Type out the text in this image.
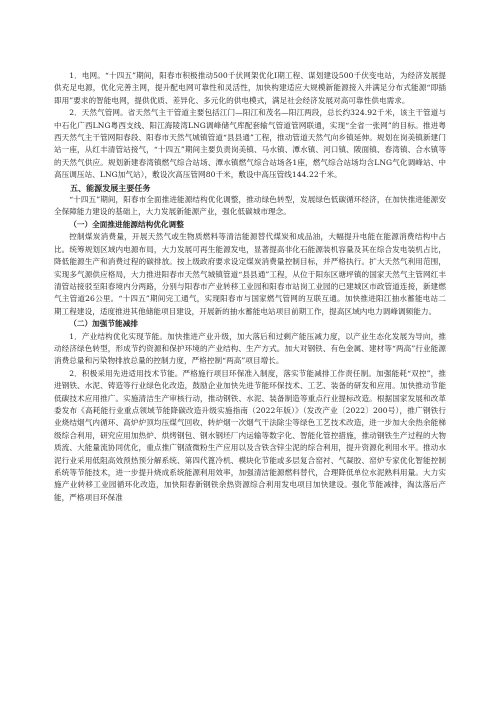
1．电网。“十四五”期间，阳春市积极推动500千伏网架优化Ⅰ期工程、谋划建设500千伏变电站，为经济发展提供充足电源，优化完善主网，提升配电网可靠性和灵活性，加快构建适应大规模新能源接入并满足分布式能源“即插即用”要求的智能电网，提供优质、差异化、多元化的供电模式，满足社会经济发展对高可靠性供电需求。

2．天然气管网。省天然气主干管道主要包括江门—阳江和茂名—阳江两段，总长约324.92千米，该主干管道与中石化广西LNG粤西支线、阳江海陵湾LNG调峰储气库配套输气管道管网联通，实现“全省一张网”的目标。推进粤西天然气主干管网阳春段、阳春市天然气城镇管道“县县通”工程，推动管道天然气向乡镇延伸。规划在岗美镇新建门站一座，从红丰清管站接气，“十四五”期间主要负责岗美镇、马水镇、潭水镇、河口镇、陂面镇、春湾镇、合水镇等的天然气供应。规划新建春湾镇燃气综合站场、潭水镇燃气综合站场各1座，燃气综合站场均含LNG气化调峰站、中高压调压站、LNG加气站），敷设次高压管网80千米，敷设中高压管线144.22千米。

五、能源发展主要任务

“十四五”期间，阳春市全面推进能源结构优化调整，推动绿色转型，发展绿色低碳循环经济，在加快推进能源安全保障能力建设的基础上，大力发展新能源产业，强化低碳城市理念。

（一）全面推进能源结构优化调整

控制煤炭消费量，开展天然气或生物质燃料等清洁能源替代煤炭和成品油，大幅提升电能在能源消费结构中占比。统筹规划区域内电源布局，大力发展可再生能源发电，显著提高非化石能源装机容量及其在综合发电装机占比，降低能源生产和消费过程的碳排放。按上级政府要求设定煤炭消费量控制目标，并严格执行。扩大天然气利用范围，实现多气源供应格局，大力推进阳春市天然气城镇管道“县县通”工程，从位于阳东区塘坪镇的国家天然气主管网红丰清管站接驳至阳春境内分两路，分别与阳春市产业转移工业园和阳春市站岗工业园的已建城区市政管道连接，新建燃气主管道26公里。“十四五”期间完工通气，实现阳春市与国家燃气管网的互联互通。加快推进阳江抽水蓄能电站二期工程建设，适度推进其他储能项目建设，开展新的抽水蓄能电站项目前期工作，提高区域内电力调峰调频能力。

（二）加强节能减排

1．产业结构优化实现节能。加快推进产业升级，加大落后和过剩产能压减力度，以产业生态化发展为导向，推动经济绿色转型，形成节约资源和保护环境的产业结构、生产方式。加大对钢铁、有色金属、建材等“两高”行业能源消费总量和污染物排放总量的控制力度，严格控制“两高”项目增长。

2．积极采用先进适用技术节能。严格施行项目环保准入制度，落实节能减排工作责任制。加强能耗“双控”，推进钢铁、水泥、铸造等行业绿色化改造，鼓励企业加快先进节能环保技术、工艺、装备的研发和应用。加快推动节能低碳技术应用推广。实施清洁生产审核行动，推动钢铁、水泥、装备制造等重点行业提标改造。根据国家发展和改革委发布《高耗能行业重点领域节能降碳改造升级实施指南（2022年版）》（发改产业〔2022〕200号），推广钢铁行业烧结烟气内循环、高炉炉顶均压煤气回收、转炉烟一次烟气干法除尘等绿色工艺技术改造，进一步加大余热余能梯级综合利用，研究应用加热炉、烘烤钢包、钢水钢坯厂内运输等数字化、智能化管控措施，推动钢铁生产过程的大物质流、大能量流协同优化，重点推广钢渣微粉生产应用以及含铁含锌尘泥的综合利用，提升资源化利用水平。推动水泥行业采用低阻高效预热预分解系统、第四代篦冷机、模块化节能或多层复合窑衬、气凝胶、窑炉专家优化智能控制系统等节能技术，进一步提升烧成系统能源利用效率，加强清洁能源燃料替代，合理降低单位水泥熟料用量。大力实施产业转移工业园循环化改造，加快阳春新钢铁余热资源综合利用发电项目加快建设。强化节能减排，淘汰落后产能，严格项目环保准
